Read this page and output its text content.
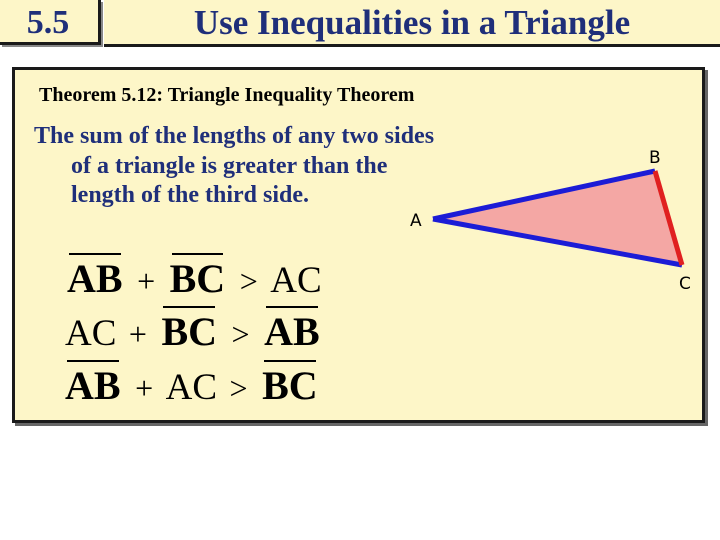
5.5	Use Inequalities in a Triangle
Theorem 5.12: Triangle Inequality Theorem
The sum of the lengths of any two sides of a triangle is greater than the length of the third side.
A
B
C
AB + BC > AC
AC + BC > AB
AB + AC > BC
